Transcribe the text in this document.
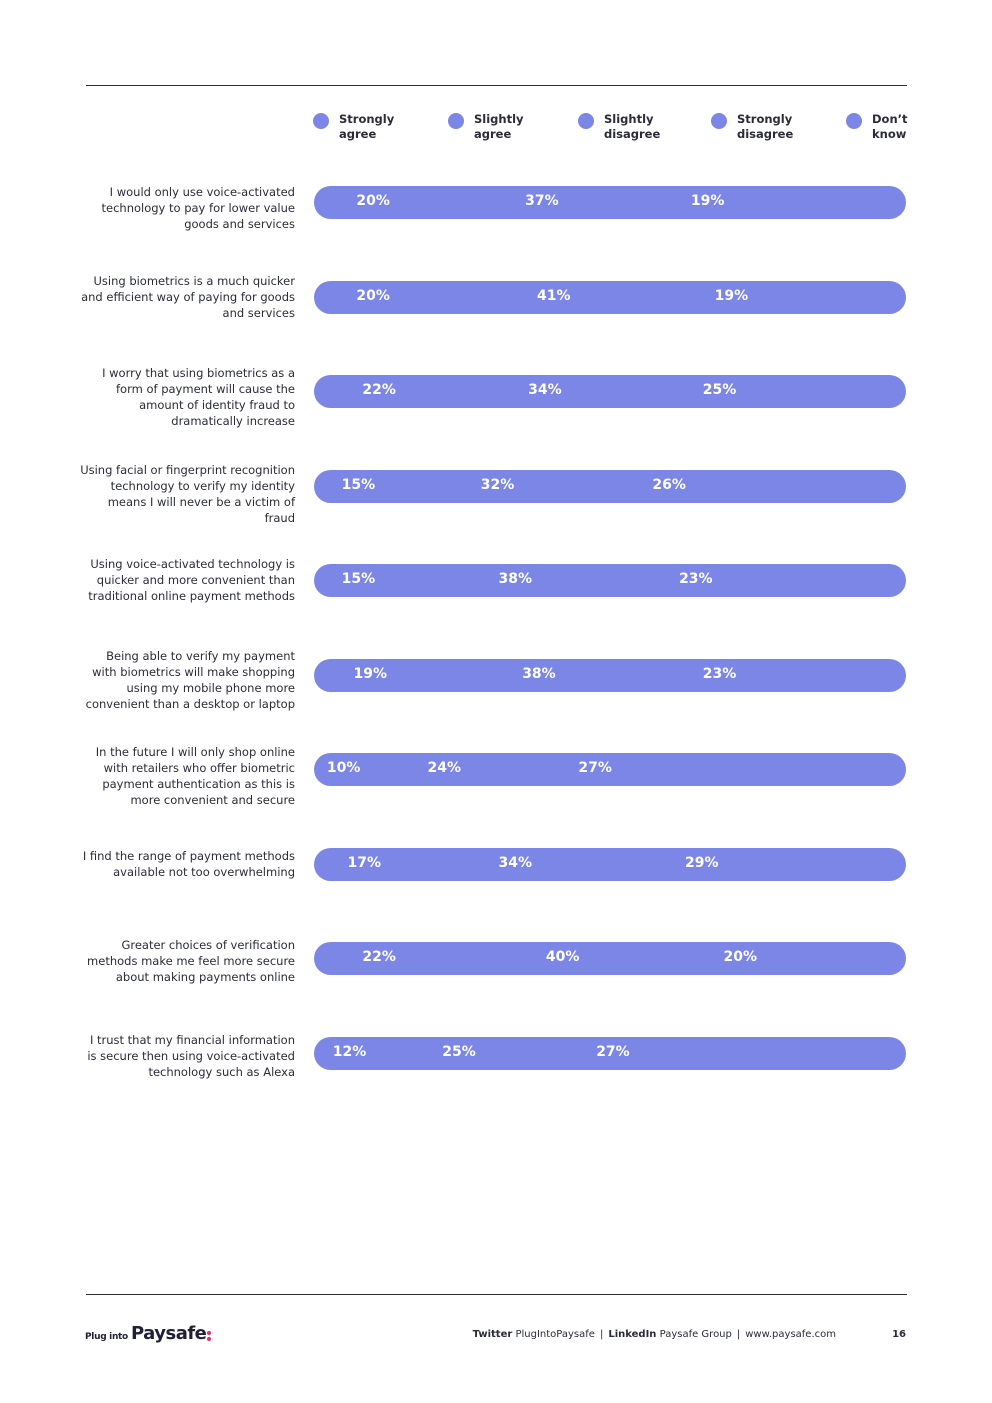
Strongly agree
Slightly agree
Slightly disagree
Strongly disagree
Don’t know
I would only use voice-activated technology to pay for lower value goods and services
20%	37%	19%
Using biometrics is a much quicker and efficient way of paying for goods and services
20%	41%	19%
I worry that using biometrics as a form of payment will cause the amount of identity fraud to dramatically increase
22%	34%	25%
Using facial or fingerprint recognition technology to verify my identity means I will never be a victim of fraud
15%	32%	26%
Using voice-activated technology is quicker and more convenient than traditional online payment methods
15%	38%	23%
Being able to verify my payment with biometrics will make shopping using my mobile phone more convenient than a desktop or laptop
19%	38%	23%
In the future I will only shop online with retailers who offer biometric payment authentication as this is more convenient and secure
10%	24%	27%
I find the range of payment methods available not too overwhelming
17%	34%	29%
Greater choices of verification methods make me feel more secure about making payments online
22%	40%	20%
I trust that my financial information is secure then using voice-activated technology such as Alexa
12%	25%	27%
Plug into Paysafe	Twitter PlugIntoPaysafe | LinkedIn Paysafe Group | www.paysafe.com	16
